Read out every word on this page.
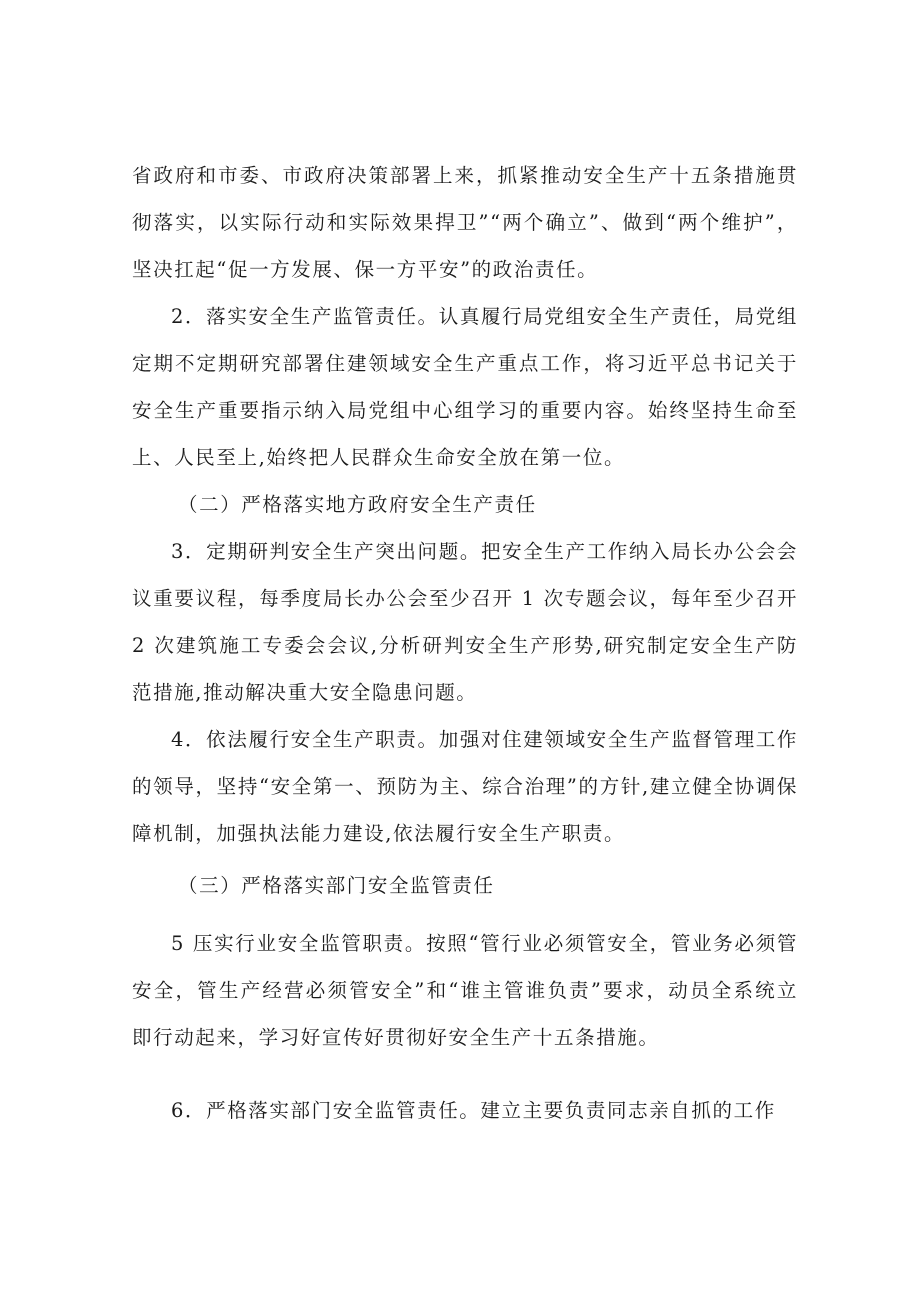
省政府和市委、市政府决策部署上来，抓紧推动安全生产十五条措施贯彻落实，以实际行动和实际效果捍卫”“两个确立”、做到“两个维护”，坚决扛起“促一方发展、保一方平安”的政治责任。

2．落实安全生产监管责任。认真履行局党组安全生产责任，局党组定期不定期研究部署住建领域安全生产重点工作，将习近平总书记关于安全生产重要指示纳入局党组中心组学习的重要内容。始终坚持生命至上、人民至上,始终把人民群众生命安全放在第一位。

（二）严格落实地方政府安全生产责任

3．定期研判安全生产突出问题。把安全生产工作纳入局长办公会会议重要议程，每季度局长办公会至少召开 1 次专题会议，每年至少召开 2 次建筑施工专委会会议,分析研判安全生产形势,研究制定安全生产防范措施,推动解决重大安全隐患问题。

4．依法履行安全生产职责。加强对住建领域安全生产监督管理工作的领导，坚持“安全第一、预防为主、综合治理”的方针,建立健全协调保障机制，加强执法能力建设,依法履行安全生产职责。

（三）严格落实部门安全监管责任

5 压实行业安全监管职责。按照“管行业必须管安全，管业务必须管安全，管生产经营必须管安全”和“谁主管谁负责”要求，动员全系统立即行动起来，学习好宣传好贯彻好安全生产十五条措施。

6．严格落实部门安全监管责任。建立主要负责同志亲自抓的工作
